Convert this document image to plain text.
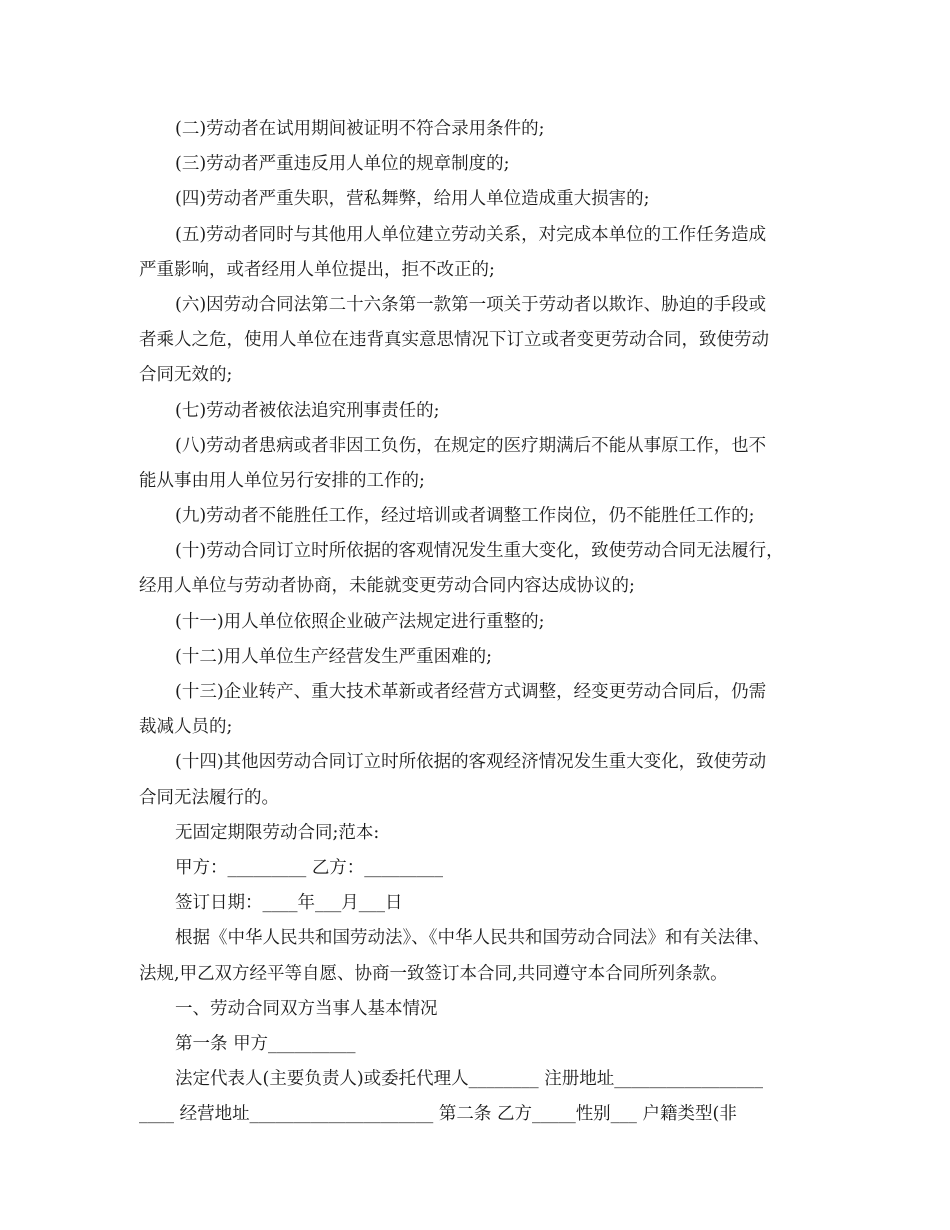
(二)劳动者在试用期间被证明不符合录用条件的;
(三)劳动者严重违反用人单位的规章制度的;
(四)劳动者严重失职，营私舞弊，给用人单位造成重大损害的;
(五)劳动者同时与其他用人单位建立劳动关系，对完成本单位的工作任务造成
严重影响，或者经用人单位提出，拒不改正的;
(六)因劳动合同法第二十六条第一款第一项关于劳动者以欺诈、胁迫的手段或
者乘人之危，使用人单位在违背真实意思情况下订立或者变更劳动合同，致使劳动
合同无效的;
(七)劳动者被依法追究刑事责任的;
(八)劳动者患病或者非因工负伤，在规定的医疗期满后不能从事原工作，也不
能从事由用人单位另行安排的工作的;
(九)劳动者不能胜任工作，经过培训或者调整工作岗位，仍不能胜任工作的;
(十)劳动合同订立时所依据的客观情况发生重大变化，致使劳动合同无法履行，
经用人单位与劳动者协商，未能就变更劳动合同内容达成协议的;
(十一)用人单位依照企业破产法规定进行重整的;
(十二)用人单位生产经营发生严重困难的;
(十三)企业转产、重大技术革新或者经营方式调整，经变更劳动合同后，仍需
裁减人员的;
(十四)其他因劳动合同订立时所依据的客观经济情况发生重大变化，致使劳动
合同无法履行的。
无固定期限劳动合同;范本:
甲方：_________ 乙方：_________
签订日期：____年___月___日
根据《中华人民共和国劳动法》、《中华人民共和国劳动合同法》和有关法律、
法规,甲乙双方经平等自愿、协商一致签订本合同,共同遵守本合同所列条款。
一、劳动合同双方当事人基本情况
第一条 甲方__________
法定代表人(主要负责人)或委托代理人________ 注册地址_________________
____ 经营地址_____________________ 第二条 乙方_____性别___ 户籍类型(非
